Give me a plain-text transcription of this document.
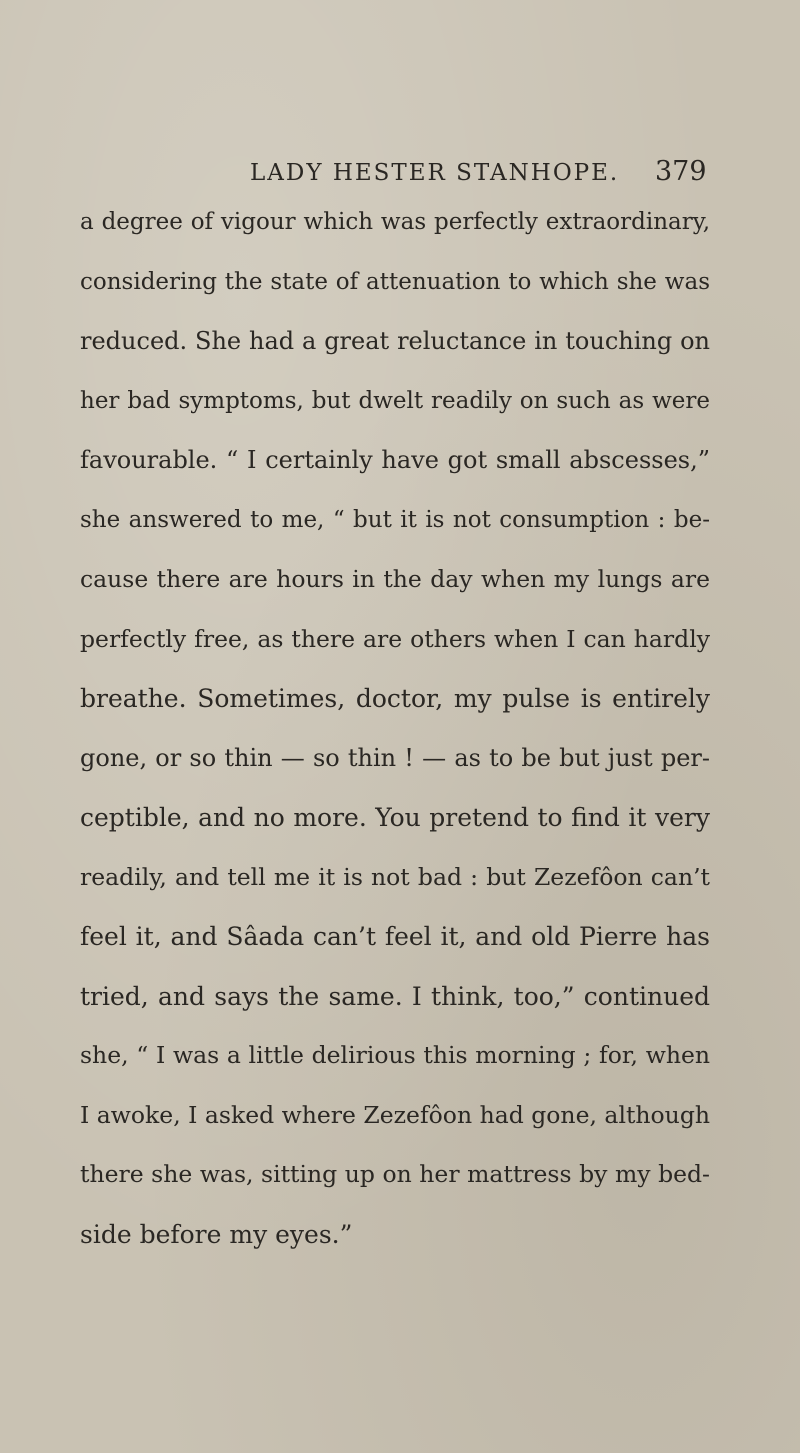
LADY HESTER STANHOPE. 379
a degree of vigour which was perfectly extraordinary,
considering the state of attenuation to which she was
reduced. She had a great reluctance in touching on
her bad symptoms, but dwelt readily on such as were
favourable. “ I certainly have got small abscesses,”
she answered to me, “ but it is not consumption : be-
cause there are hours in the day when my lungs are
perfectly free, as there are others when I can hardly
breathe. Sometimes, doctor, my pulse is entirely
gone, or so thin — so thin ! — as to be but just per-
ceptible, and no more. You pretend to find it very
readily, and tell me it is not bad : but Zezefôon can’t
feel it, and Sâada can’t feel it, and old Pierre has
tried, and says the same. I think, too,” continued
she, “ I was a little delirious this morning ; for, when
I awoke, I asked where Zezefôon had gone, although
there she was, sitting up on her mattress by my bed-
side before my eyes.”
